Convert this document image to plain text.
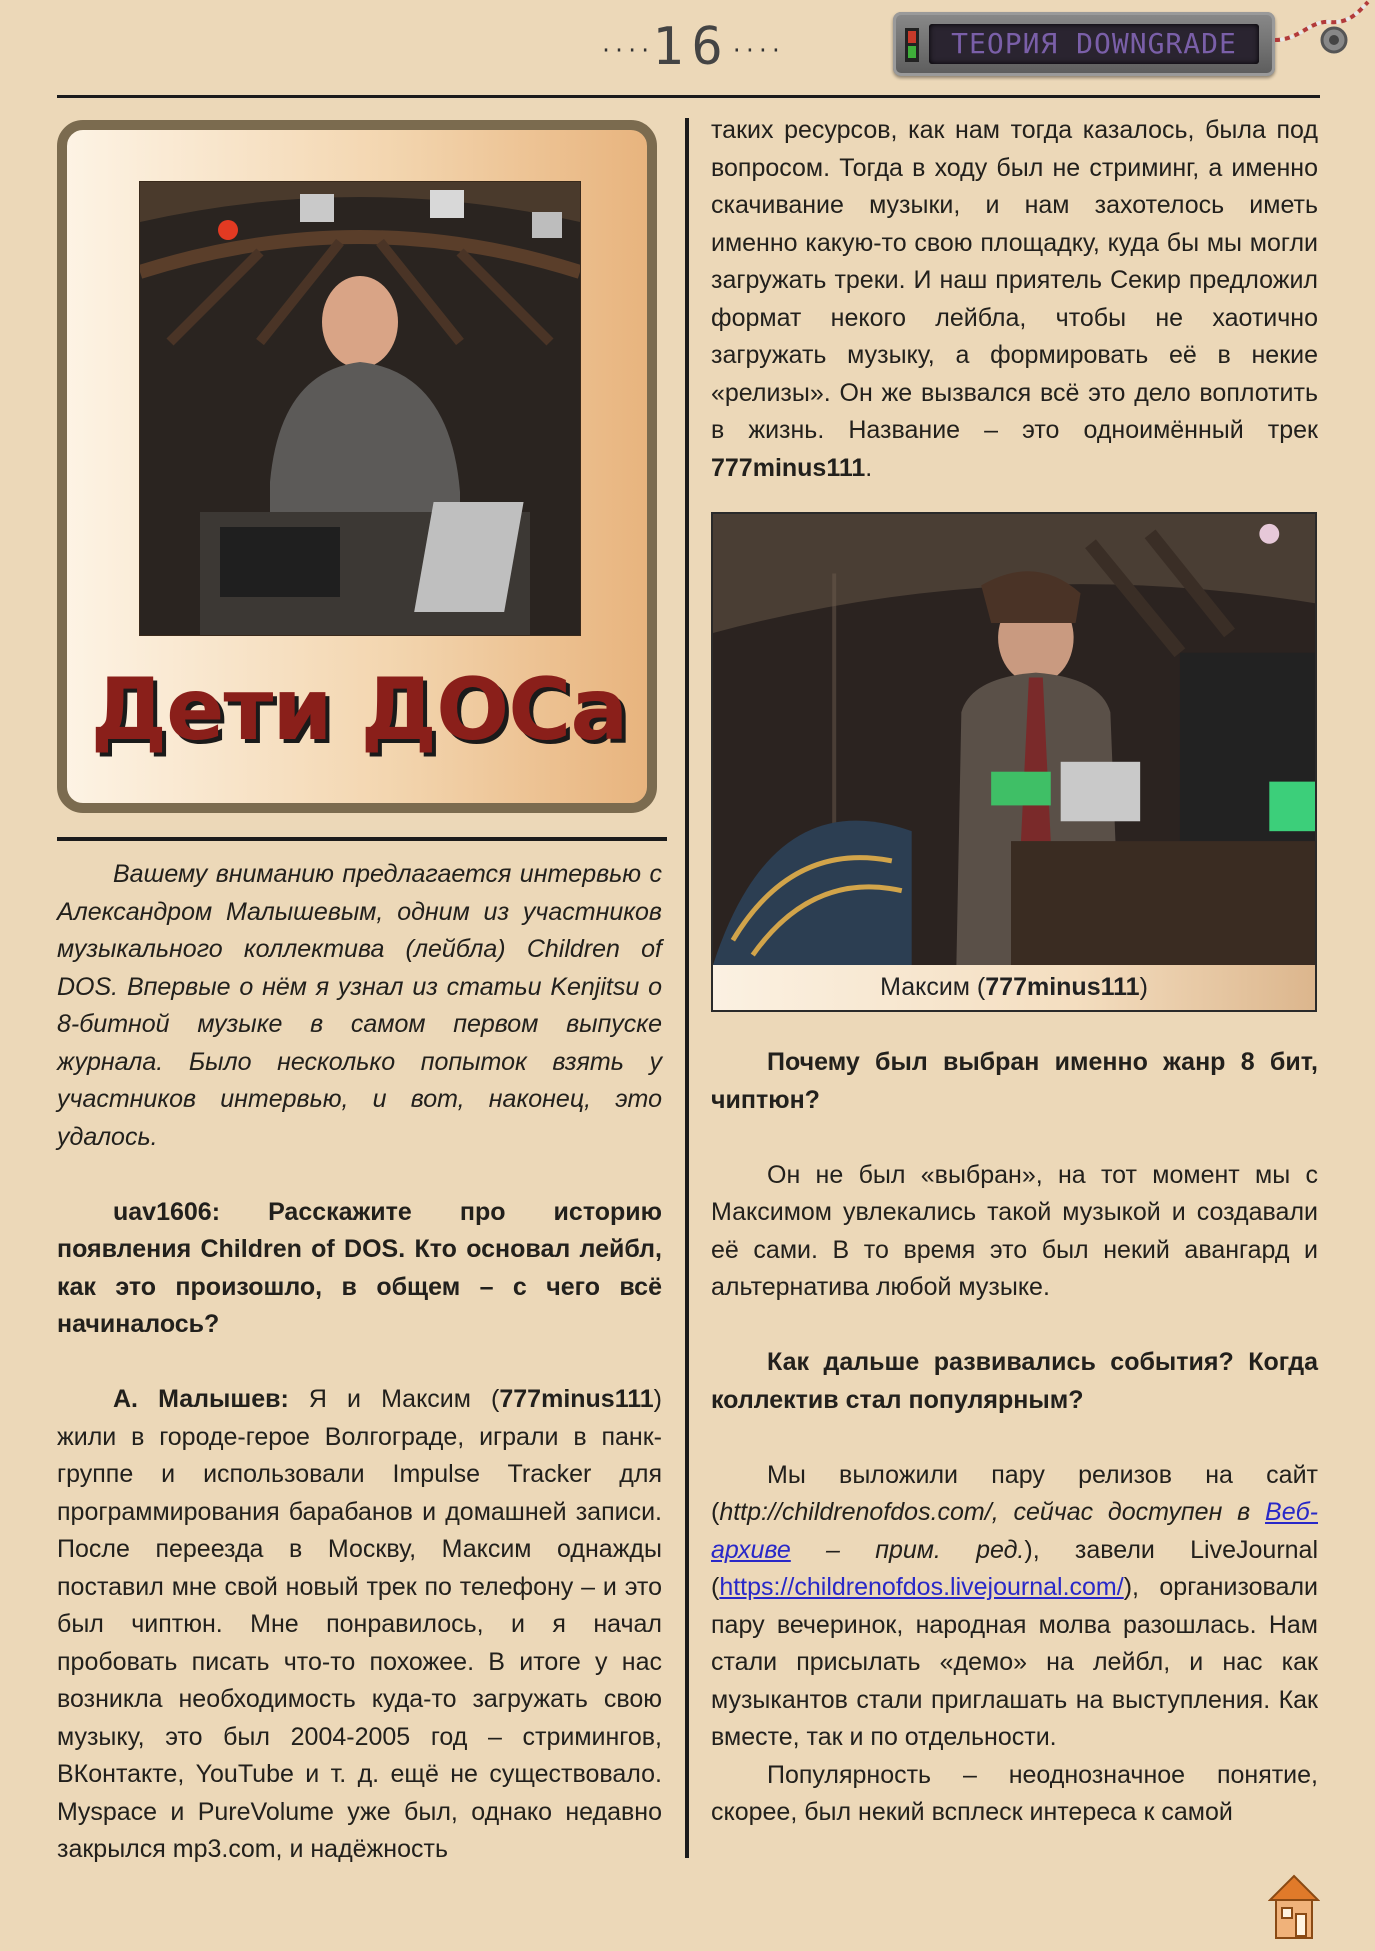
····16····	ТЕОРИЯ DOWNGRADE
Дети ДОСа

Вашему вниманию предлагается интервью с Александром Малышевым, одним из участников музыкального коллектива (лейбла) Children of DOS. Впервые о нём я узнал из статьи Kenjitsu о 8-битной музыке в самом первом выпуске журнала. Было несколько попыток взять у участников интервью, и вот, наконец, это удалось.

uav1606: Расскажите про историю появления Children of DOS. Кто основал лейбл, как это произошло, в общем – с чего всё начиналось?

А. Малышев: Я и Максим (777minus111) жили в городе-герое Волгограде, играли в панк-группе и использовали Impulse Tracker для программирования барабанов и домашней записи. После переезда в Москву, Максим однажды поставил мне свой новый трек по телефону – и это был чиптюн. Мне понравилось, и я начал пробовать писать что-то похожее. В итоге у нас возникла необходимость куда-то загружать свою музыку, это был 2004-2005 год – стримингов, ВКонтакте, YouTube и т. д. ещё не существовало. Myspace и PureVolume уже был, однако недавно закрылся mp3.com, и надёжность

таких ресурсов, как нам тогда казалось, была под вопросом. Тогда в ходу был не стриминг, а именно скачивание музыки, и нам захотелось иметь именно какую-то свою площадку, куда бы мы могли загружать треки. И наш приятель Секир предложил формат некого лейбла, чтобы не хаотично загружать музыку, а формировать её в некие «релизы». Он же вызвался всё это дело воплотить в жизнь. Название – это одноимённый трек 777minus111.

Максим (777minus111)

Почему был выбран именно жанр 8 бит, чиптюн?

Он не был «выбран», на тот момент мы с Максимом увлекались такой музыкой и создавали её сами. В то время это был некий авангард и альтернатива любой музыке.

Как дальше развивались события? Когда коллектив стал популярным?

Мы выложили пару релизов на сайт (http://childrenofdos.com/, сейчас доступен в Веб-архиве – прим. ред.), завели LiveJournal (https://childrenofdos.livejournal.com/), организовали пару вечеринок, народная молва разошлась. Нам стали присылать «демо» на лейбл, и нас как музыкантов стали приглашать на выступления. Как вместе, так и по отдельности.

Популярность – неоднозначное понятие, скорее, был некий всплеск интереса к самой
